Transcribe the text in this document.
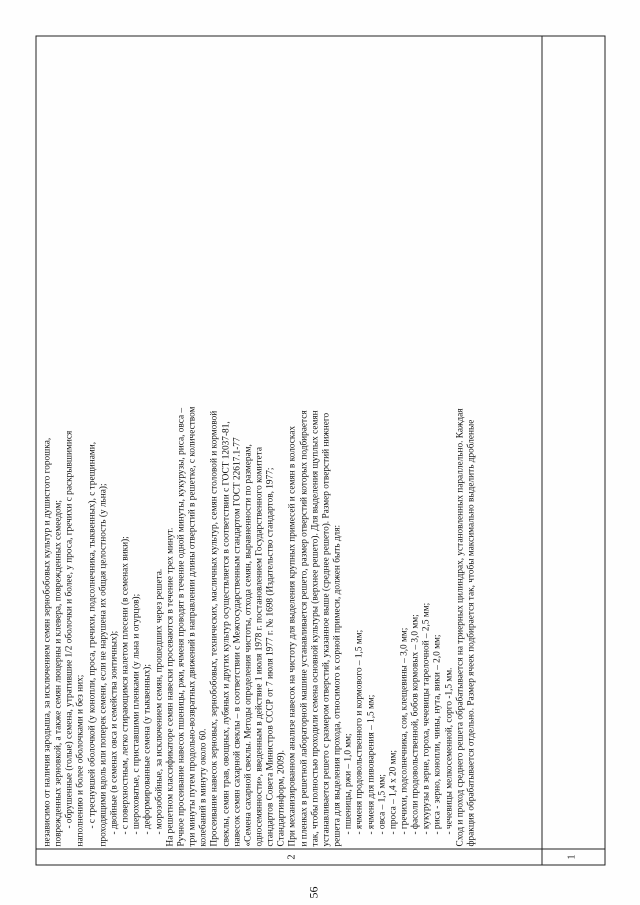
56
1
2
независимо от наличия зародыша, за исключением семян зернобобовых культур и душистого горошка, поврежденных зерновкой, а также семян люцерны и клевера, поврежденных семеедом; - обрушенные (голые) семена, утратившие 1/2 оболочки и более, у проса, гречихи с раскрывшимися наполнению и более оболочками и без них; - с треснувшей оболочкой (у конопли, проса, гречихи, подсолнечника, тыквенных), с трещинами, проходящими вдоль или поперек семени, если не нарушена их общая целостность (у льна); - двойные (в семенах овса и семейства зонтичных); - с поверхностным, легко стирающимся налетом плесени (в семенах вики); - шероховатые, с приставшими пленками (у льна и огурцов); - деформированные семена (у тыквенных); - морозобойные, за исключением семян, прошедших через решета. На решетном классификаторе семян навески просеваются в течение трех минут. Ручное просеивание навесок пшеницы, ржи, ячменя проводят в течение одной минуты, кукурузы, риса, овса – три минуты путем продольно-возвратных движений в направлении длины отверстий в решетке, с количеством колебаний в минуту около 60. Просеивание навесок зерновых, зернобобовых, технических, масличных культур, семян столовой и кормовой свеклы, семян трав, овощных, лубяных и других культур осуществляется в соответствии с ГОСТ 12037-81, навесок семян сахарной свеклы – в соответствии с Межгосударственным стандартом ГОСТ 22617.1-77 «Семена сахарной свеклы. Методы определения чистоты, отхода семян, выравненности по размерам, односемянности», введенным в действие 1 июля 1978 г. постановлением Государственного комитета стандартов Совета Министров СССР от 7 июля 1977 г. № 1698 (Издательство стандартов, 1977; Стандартинформ, 2009). При механизированном анализе навесок на чистоту для выделения крупных примесей и семян в колосках и пленках в решетной лабораторной машине устанавливается решето, размер отверстий которых подбирается так, чтобы полностью проходили семена основной культуры (верхнее решето). Для выделения щуплых семян устанавливается решето с размером отверстий, указанное выше (среднее решето). Размер отверстий нижнего решета для выделения прохода, относимого к сорной примеси, должен быть для: - пшеницы, ржи – 1,0 мм; - ячменя продовольственного и кормового – 1,5 мм; - ячменя для пивоварения – 1,5 мм; - овса – 1,5 мм; - проса – 1,4 х 20 мм; - гречихи, подсолнечника, сои, клещевины – 3,0 мм; - фасоли продовольственной, бобов кормовых – 3,0 мм; - кукурузы в зерне, гороха, чечевицы тарелочной – 2,5 мм; - риса - зерно, конопли, чины, нута, вики – 2,0 мм; - чечевицы мелкосеменной, сорго -1,5 мм. Сход и проход среднего решета обрабатывается на триерных цилиндрах, установленных параллельно. Каждая фракция обрабатывается отдельно. Размер ячеек подбирается так, чтобы максимально выделить дробленые
